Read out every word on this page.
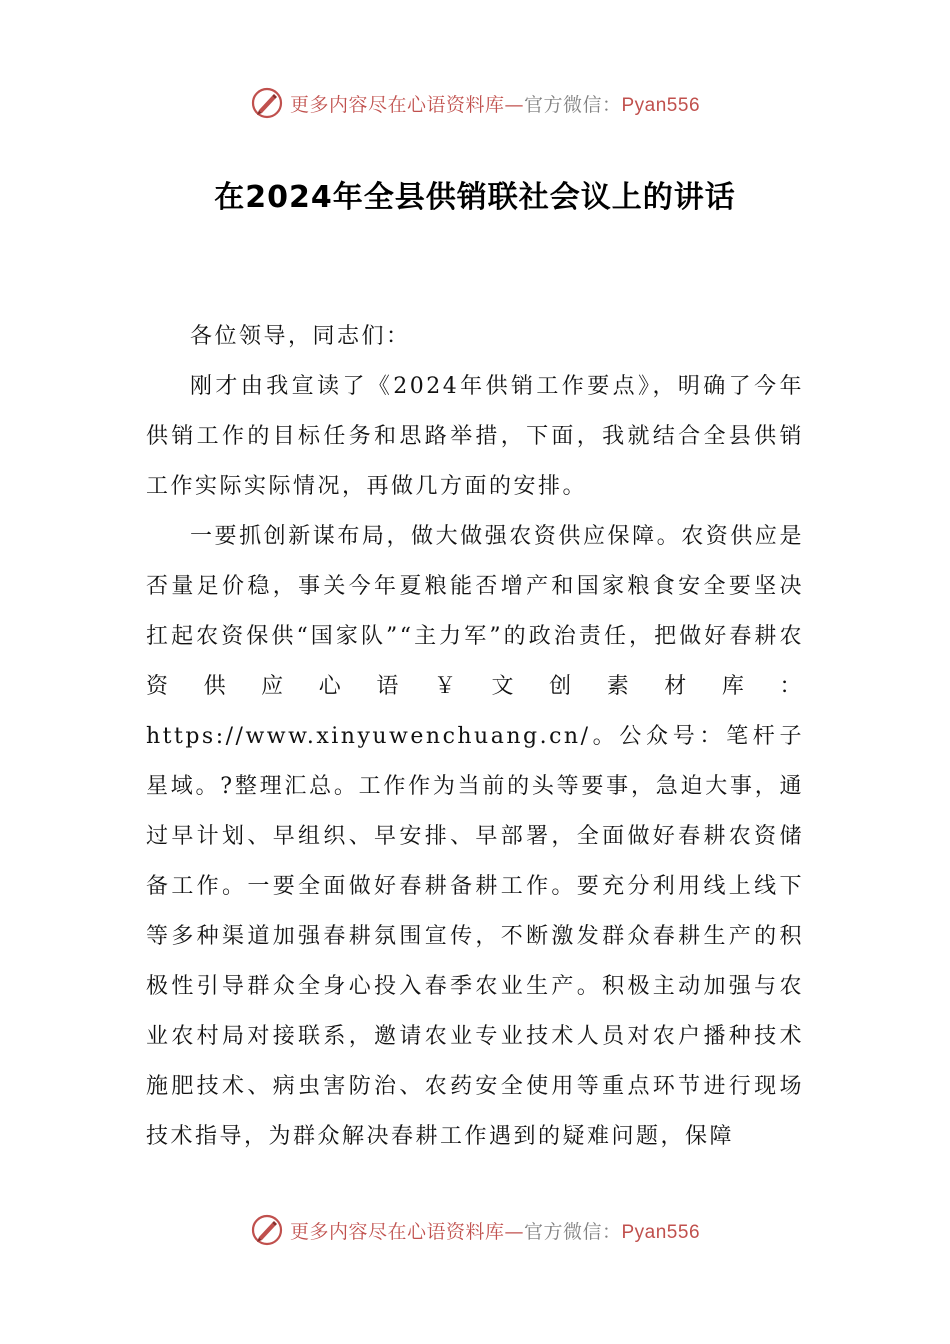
更多内容尽在心语资料库—官方微信：Pyan556
在2024年全县供销联社会议上的讲话

各位领导，同志们：

刚才由我宣读了《2024年供销工作要点》，明确了今年供销工作的目标任务和思路举措，下面，我就结合全县供销工作实际实际情况，再做几方面的安排。

一要抓创新谋布局，做大做强农资供应保障。农资供应是否量足价稳，事关今年夏粮能否增产和国家粮食安全要坚决扛起农资保供“国家队”“主力军”的政治责任，把做好春耕农资供应心语￥文创素材库：https://www.xinyuwenchuang.cn/。公众号：笔杆子星域。?整理汇总。工作作为当前的头等要事，急迫大事，通过早计划、早组织、早安排、早部署，全面做好春耕农资储备工作。一要全面做好春耕备耕工作。要充分利用线上线下等多种渠道加强春耕氛围宣传，不断激发群众春耕生产的积极性引导群众全身心投入春季农业生产。积极主动加强与农业农村局对接联系，邀请农业专业技术人员对农户播种技术施肥技术、病虫害防治、农药安全使用等重点环节进行现场技术指导，为群众解决春耕工作遇到的疑难问题，保障

更多内容尽在心语资料库—官方微信：Pyan556
